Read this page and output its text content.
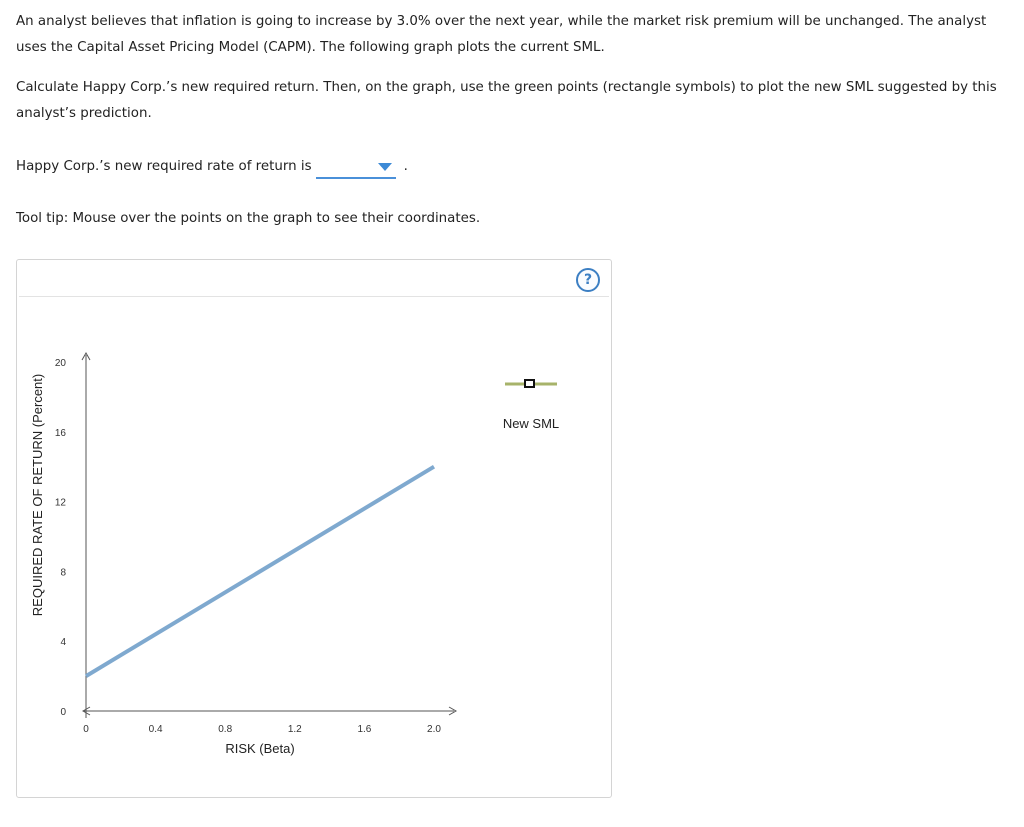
An analyst believes that inflation is going to increase by 3.0% over the next year, while the market risk premium will be unchanged. The analyst uses the Capital Asset Pricing Model (CAPM). The following graph plots the current SML.

Calculate Happy Corp.’s new required return. Then, on the graph, use the green points (rectangle symbols) to plot the new SML suggested by this analyst’s prediction.

Happy Corp.’s new required rate of return is	.
Tool tip: Mouse over the points on the graph to see their coordinates.
?
REQUIRED RATE OF RETURN (Percent)
RISK (Beta)
0	0.4	0.8	1.2	1.6	2.0
0
4
8
12
16
20
New SML
